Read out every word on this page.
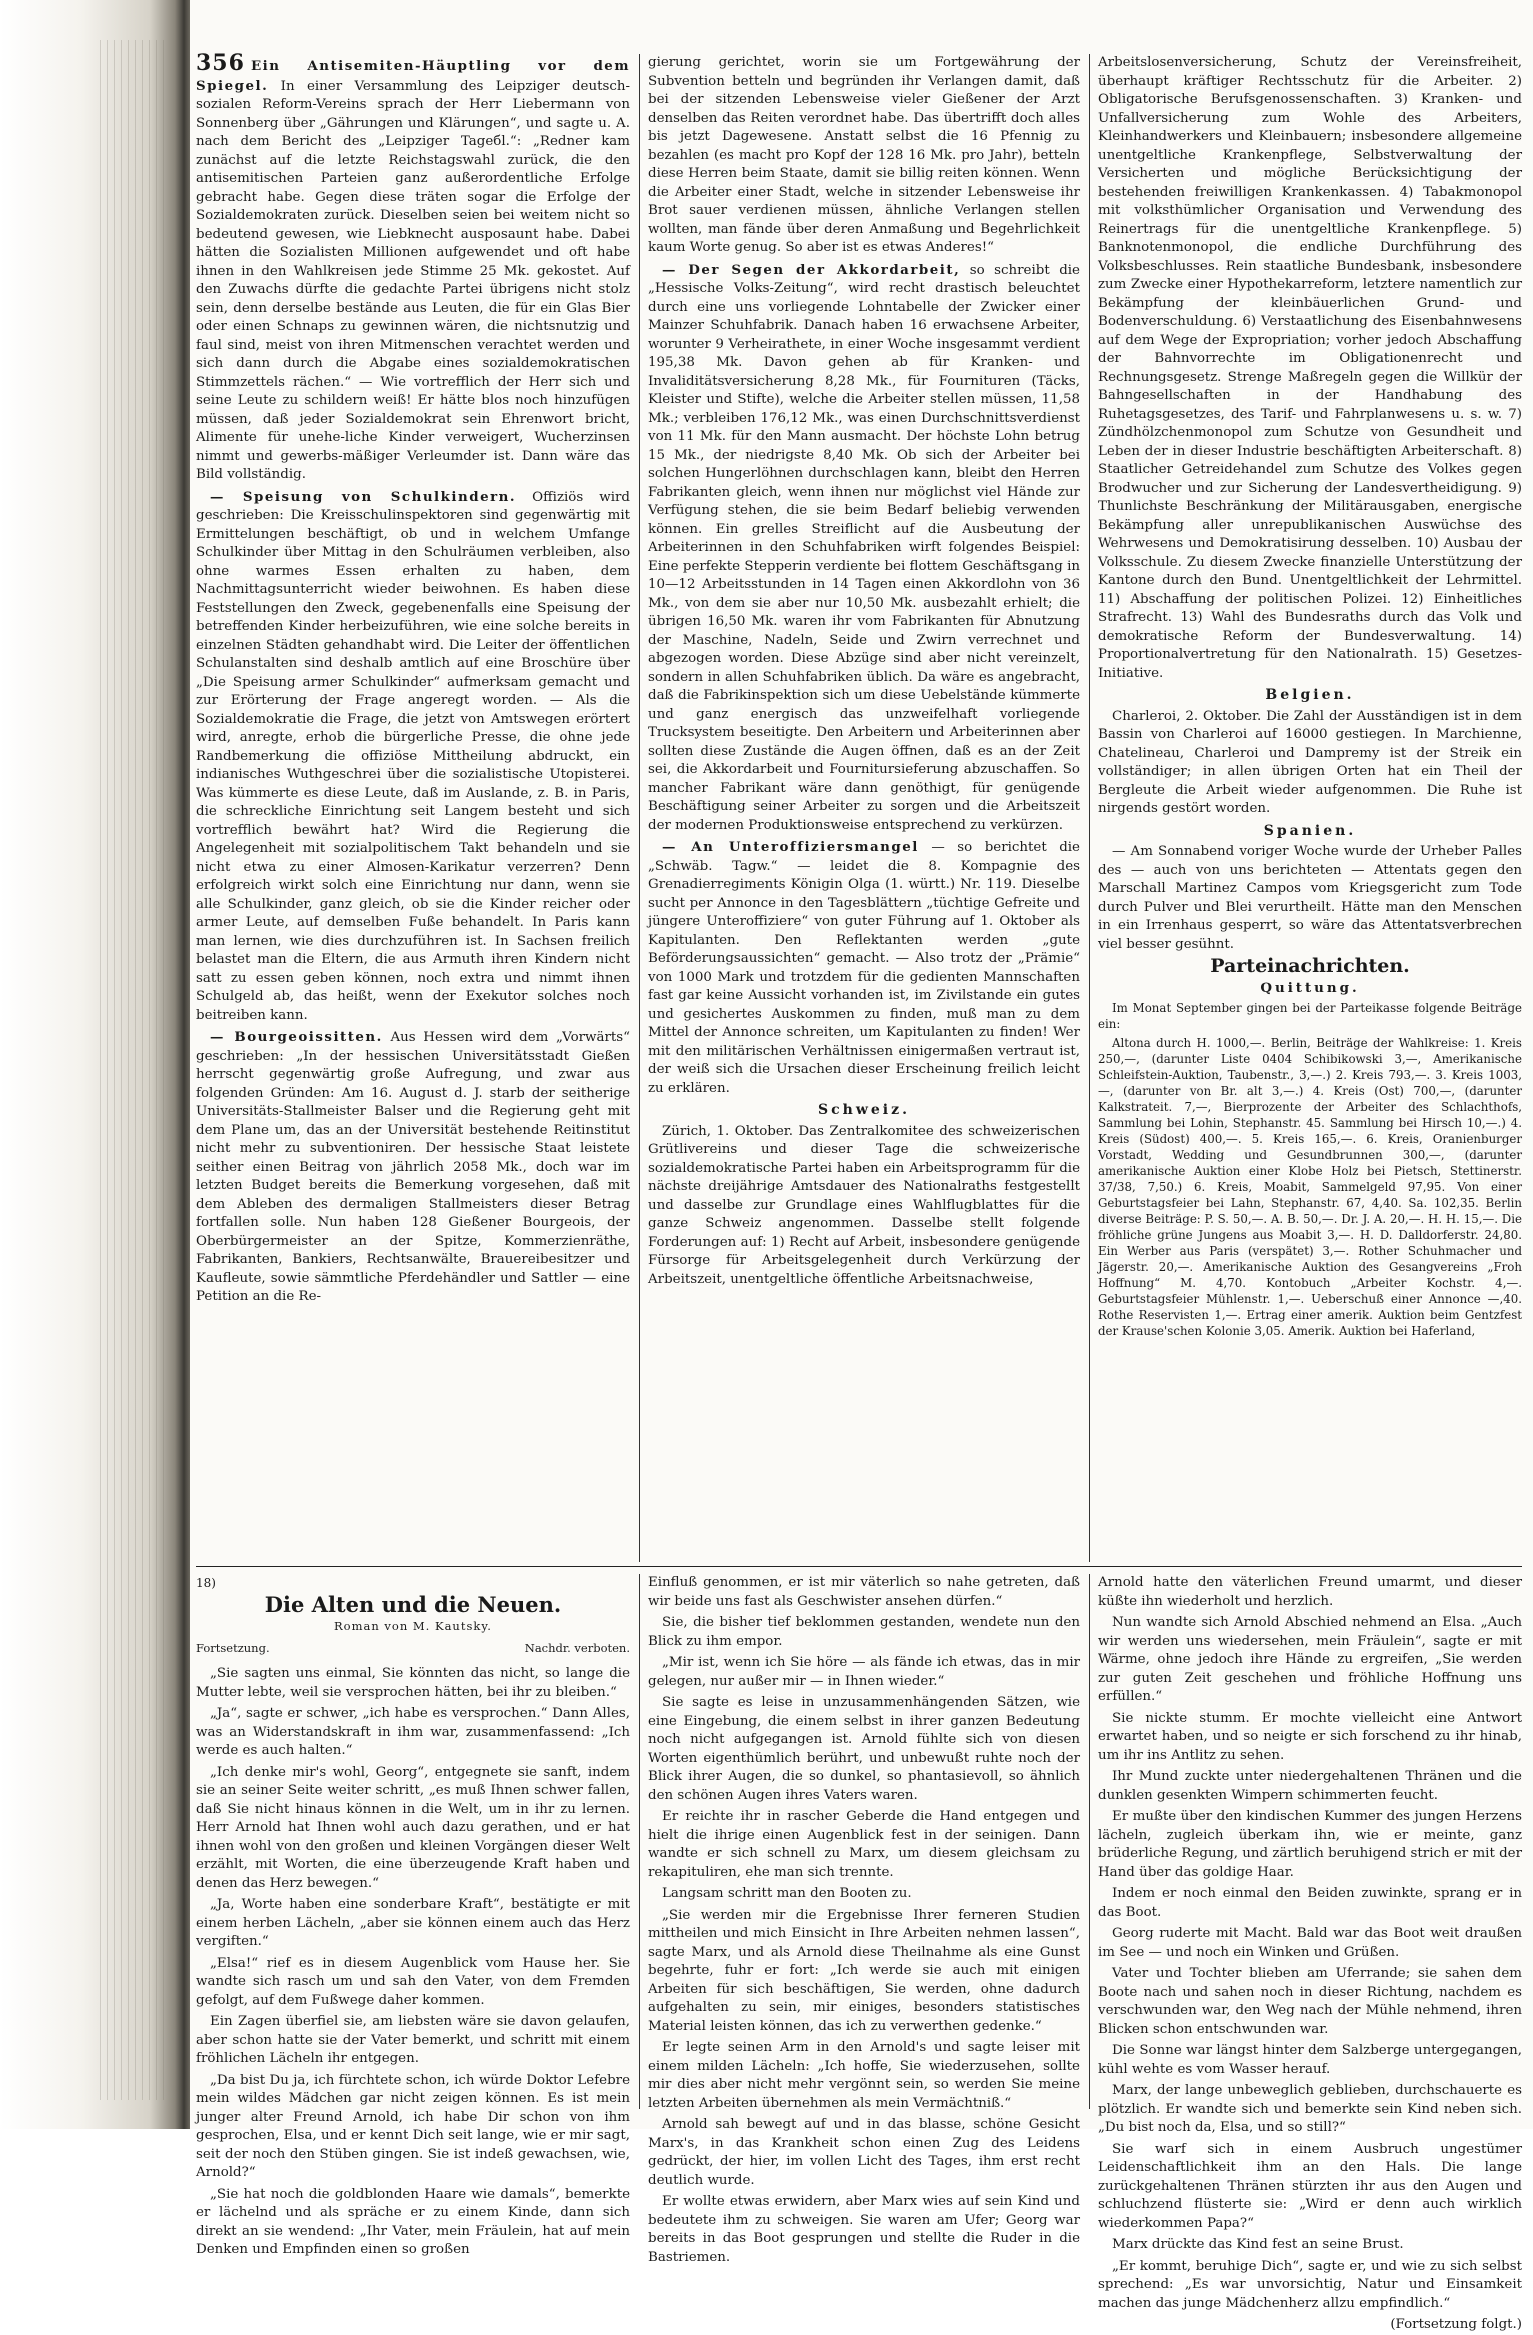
356 Ein Antisemiten-Häuptling vor dem Spiegel. In einer Versammlung des Leipziger deutsch-sozialen Reform-Vereins sprach der Herr Liebermann von Sonnenberg über „Gährungen und Klärungen“, und sagte u. A. nach dem Bericht des „Leipziger Tageбl.“: „Redner kam zunächst auf die letzte Reichstagswahl zurück, die den antisemitischen Parteien ganz außerordentliche Erfolge gebracht habe. Gegen diese träten sogar die Erfolge der Sozialdemokraten zurück. Dieselben seien bei weitem nicht so bedeutend gewesen, wie Liebknecht ausposaunt habe. Dabei hätten die Sozialisten Millionen aufgewendet und oft habe ihnen in den Wahlkreisen jede Stimme 25 Mk. gekostet. Auf den Zuwachs dürfte die gedachte Partei übrigens nicht stolz sein, denn derselbe bestände aus Leuten, die für ein Glas Bier oder einen Schnaps zu gewinnen wären, die nichtsnutzig und faul sind, meist von ihren Mitmenschen verachtet werden und sich dann durch die Abgabe eines sozialdemokratischen Stimmzettels rächen.“ — Wie vortrefflich der Herr sich und seine Leute zu schildern weiß! Er hätte blos noch hinzufügen müssen, daß jeder Sozialdemokrat sein Ehrenwort bricht, Alimente für unehe-liche Kinder verweigert, Wucherzinsen nimmt und gewerbs-mäßiger Verleumder ist. Dann wäre das Bild vollständig.

— Speisung von Schulkindern. Offiziös wird geschrieben: Die Kreisschulinspektoren sind gegenwärtig mit Ermittelungen beschäftigt, ob und in welchem Umfange Schulkinder über Mittag in den Schulräumen verbleiben, also ohne warmes Essen erhalten zu haben, dem Nachmittagsunterricht wieder beiwohnen. Es haben diese Feststellungen den Zweck, gegebenenfalls eine Speisung der betreffenden Kinder herbeizuführen, wie eine solche bereits in einzelnen Städten gehandhabt wird. Die Leiter der öffentlichen Schulanstalten sind deshalb amtlich auf eine Broschüre über „Die Speisung armer Schulkinder“ aufmerksam gemacht und zur Erörterung der Frage angeregt worden. — Als die Sozialdemokratie die Frage, die jetzt von Amtswegen erörtert wird, anregte, erhob die bürgerliche Presse, die ohne jede Randbemerkung die offiziöse Mittheilung abdruckt, ein indianisches Wuthgeschrei über die sozialistische Utopisterei. Was kümmerte es diese Leute, daß im Auslande, z. B. in Paris, die schreckliche Einrichtung seit Langem besteht und sich vortrefflich bewährt hat? Wird die Regierung die Angelegenheit mit sozialpolitischem Takt behandeln und sie nicht etwa zu einer Almosen-Karikatur verzerren? Denn erfolgreich wirkt solch eine Einrichtung nur dann, wenn sie alle Schulkinder, ganz gleich, ob sie die Kinder reicher oder armer Leute, auf demselben Fuße behandelt. In Paris kann man lernen, wie dies durchzuführen ist. In Sachsen freilich belastet man die Eltern, die aus Armuth ihren Kindern nicht satt zu essen geben können, noch extra und nimmt ihnen Schulgeld ab, das heißt, wenn der Exekutor solches noch beitreiben kann.

— Bourgeoissitten. Aus Hessen wird dem „Vorwärts“ geschrieben: „In der hessischen Universitätsstadt Gießen herrscht gegenwärtig große Aufregung, und zwar aus folgenden Gründen: Am 16. August d. J. starb der seitherige Universitäts-Stallmeister Balser und die Regierung geht mit dem Plane um, das an der Universität bestehende Reitinstitut nicht mehr zu subventioniren. Der hessische Staat leistete seither einen Beitrag von jährlich 2058 Mk., doch war im letzten Budget bereits die Bemerkung vorgesehen, daß mit dem Ableben des dermaligen Stallmeisters dieser Betrag fortfallen solle. Nun haben 128 Gießener Bourgeois, der Oberbürgermeister an der Spitze, Kommerzienräthe, Fabrikanten, Bankiers, Rechtsanwälte, Brauereibesitzer und Kaufleute, sowie sämmtliche Pferdehändler und Sattler — eine Petition an die Re-

gierung gerichtet, worin sie um Fortgewährung der Subvention betteln und begründen ihr Verlangen damit, daß bei der sitzenden Lebensweise vieler Gießener der Arzt denselben das Reiten verordnet habe. Das übertrifft doch alles bis jetzt Dagewesene. Anstatt selbst die 16 Pfennig zu bezahlen (es macht pro Kopf der 128 16 Mk. pro Jahr), betteln diese Herren beim Staate, damit sie billig reiten können. Wenn die Arbeiter einer Stadt, welche in sitzender Lebensweise ihr Brot sauer verdienen müssen, ähnliche Verlangen stellen wollten, man fände über deren Anmaßung und Begehrlichkeit kaum Worte genug. So aber ist es etwas Anderes!“

— Der Segen der Akkordarbeit, so schreibt die „Hessische Volks-Zeitung“, wird recht drastisch beleuchtet durch eine uns vorliegende Lohntabelle der Zwicker einer Mainzer Schuhfabrik. Danach haben 16 erwachsene Arbeiter, worunter 9 Verheirathete, in einer Woche insgesammt verdient 195,38 Mk. Davon gehen ab für Kranken- und Invaliditätsversicherung 8,28 Mk., für Fournituren (Täcks, Kleister und Stifte), welche die Arbeiter stellen müssen, 11,58 Mk.; verbleiben 176,12 Mk., was einen Durchschnittsverdienst von 11 Mk. für den Mann ausmacht. Der höchste Lohn betrug 15 Mk., der niedrigste 8,40 Mk. Ob sich der Arbeiter bei solchen Hungerlöhnen durchschlagen kann, bleibt den Herren Fabrikanten gleich, wenn ihnen nur möglichst viel Hände zur Verfügung stehen, die sie beim Bedarf beliebig verwenden können. Ein grelles Streiflicht auf die Ausbeutung der Arbeiterinnen in den Schuhfabriken wirft folgendes Beispiel: Eine perfekte Stepperin verdiente bei flottem Geschäftsgang in 10—12 Arbeitsstunden in 14 Tagen einen Akkordlohn von 36 Mk., von dem sie aber nur 10,50 Mk. ausbezahlt erhielt; die übrigen 16,50 Mk. waren ihr vom Fabrikanten für Abnutzung der Maschine, Nadeln, Seide und Zwirn verrechnet und abgezogen worden. Diese Abzüge sind aber nicht vereinzelt, sondern in allen Schuhfabriken üblich. Da wäre es angebracht, daß die Fabrikinspektion sich um diese Uebelstände kümmerte und ganz energisch das unzweifelhaft vorliegende Trucksystem beseitigte. Den Arbeitern und Arbeiterinnen aber sollten diese Zustände die Augen öffnen, daß es an der Zeit sei, die Akkordarbeit und Fournitursieferung abzuschaffen. So mancher Fabrikant wäre dann genöthigt, für genügende Beschäftigung seiner Arbeiter zu sorgen und die Arbeitszeit der modernen Produktionsweise entsprechend zu verkürzen.

— An Unteroffiziersmangel — so berichtet die „Schwäb. Tagw.“ — leidet die 8. Kompagnie des Grenadierregiments Königin Olga (1. württ.) Nr. 119. Dieselbe sucht per Annonce in den Tagesblättern „tüchtige Gefreite und jüngere Unteroffiziere“ von guter Führung auf 1. Oktober als Kapitulanten. Den Reflektanten werden „gute Beförderungsaussichten“ gemacht. — Also trotz der „Prämie“ von 1000 Mark und trotzdem für die gedienten Mannschaften fast gar keine Aussicht vorhanden ist, im Zivilstande ein gutes und gesichertes Auskommen zu finden, muß man zu dem Mittel der Annonce schreiten, um Kapitulanten zu finden! Wer mit den militärischen Verhältnissen einigermaßen vertraut ist, der weiß sich die Ursachen dieser Erscheinung freilich leicht zu erklären.

Schweiz.

Zürich, 1. Oktober. Das Zentralkomitee des schweizerischen Grütlivereins und dieser Tage die schweizerische sozialdemokratische Partei haben ein Arbeitsprogramm für die nächste dreijährige Amtsdauer des Nationalraths festgestellt und dasselbe zur Grundlage eines Wahlflugblattes für die ganze Schweiz angenommen. Dasselbe stellt folgende Forderungen auf: 1) Recht auf Arbeit, insbesondere genügende Fürsorge für Arbeitsgelegenheit durch Verkürzung der Arbeitszeit, unentgeltliche öffentliche Arbeitsnachweise,

Arbeitslosenversicherung, Schutz der Vereinsfreiheit, überhaupt kräftiger Rechtsschutz für die Arbeiter. 2) Obligatorische Berufsgenossenschaften. 3) Kranken- und Unfallversicherung zum Wohle des Arbeiters, Kleinhandwerkers und Kleinbauern; insbesondere allgemeine unentgeltliche Krankenpflege, Selbstverwaltung der Versicherten und mögliche Berücksichtigung der bestehenden freiwilligen Krankenkassen. 4) Tabakmonopol mit volksthümlicher Organisation und Verwendung des Reinertrags für die unentgeltliche Krankenpflege. 5) Banknotenmonopol, die endliche Durchführung des Volksbeschlusses. Rein staatliche Bundesbank, insbesondere zum Zwecke einer Hypothekarreform, letztere namentlich zur Bekämpfung der kleinbäuerlichen Grund- und Bodenverschuldung. 6) Verstaatlichung des Eisenbahnwesens auf dem Wege der Expropriation; vorher jedoch Abschaffung der Bahnvorrechte im Obligationenrecht und Rechnungsgesetz. Strenge Maßregeln gegen die Willkür der Bahngesellschaften in der Handhabung des Ruhetagsgesetzes, des Tarif- und Fahrplanwesens u. s. w. 7) Zündhölzchenmonopol zum Schutze von Gesundheit und Leben der in dieser Industrie beschäftigten Arbeiterschaft. 8) Staatlicher Getreidehandel zum Schutze des Volkes gegen Brodwucher und zur Sicherung der Landesvertheidigung. 9) Thunlichste Beschränkung der Militärausgaben, energische Bekämpfung aller unrepublikanischen Auswüchse des Wehrwesens und Demokratisirung desselben. 10) Ausbau der Volksschule. Zu diesem Zwecke finanzielle Unterstützung der Kantone durch den Bund. Unentgeltlichkeit der Lehrmittel. 11) Abschaffung der politischen Polizei. 12) Einheitliches Strafrecht. 13) Wahl des Bundesraths durch das Volk und demokratische Reform der Bundesverwaltung. 14) Proportionalvertretung für den Nationalrath. 15) Gesetzes-Initiative.

Belgien.

Charleroi, 2. Oktober. Die Zahl der Ausständigen ist in dem Bassin von Charleroi auf 16000 gestiegen. In Marchienne, Chatelineau, Charleroi und Dampremy ist der Streik ein vollständiger; in allen übrigen Orten hat ein Theil der Bergleute die Arbeit wieder aufgenommen. Die Ruhe ist nirgends gestört worden.

Spanien.

— Am Sonnabend voriger Woche wurde der Urheber Palles des — auch von uns berichteten — Attentats gegen den Marschall Martinez Campos vom Kriegsgericht zum Tode durch Pulver und Blei verurtheilt. Hätte man den Menschen in ein Irrenhaus gesperrt, so wäre das Attentatsverbrechen viel besser gesühnt.

Parteinachrichten.

Quittung.

Im Monat September gingen bei der Parteikasse folgende Beiträge ein:

Altona durch H. 1000,—. Berlin, Beiträge der Wahlkreise: 1. Kreis 250,—, (darunter Liste 0404 Schibikowski 3,—, Amerikanische Schleifstein-Auktion, Taubenstr., 3,—.) 2. Kreis 793,—. 3. Kreis 1003,—, (darunter von Br. alt 3,—.) 4. Kreis (Ost) 700,—, (darunter Kalkstrateit. 7,—, Bierprozente der Arbeiter des Schlachthofs, Sammlung bei Lohin, Stephanstr. 45. Sammlung bei Hirsch 10,—.) 4. Kreis (Südost) 400,—. 5. Kreis 165,—. 6. Kreis, Oranienburger Vorstadt, Wedding und Gesundbrunnen 300,—, (darunter amerikanische Auktion einer Klobe Holz bei Pietsch, Stettinerstr. 37/38, 7,50.) 6. Kreis, Moabit, Sammelgeld 97,95. Von einer Geburtstagsfeier bei Lahn, Stephanstr. 67, 4,40. Sa. 102,35. Berlin diverse Beiträge: P. S. 50,—. A. B. 50,—. Dr. J. A. 20,—. H. H. 15,—. Die fröhliche grüne Jungens aus Moabit 3,—. H. D. Dalldorferstr. 24,80. Ein Werber aus Paris (verspätet) 3,—. Rother Schuhmacher und Jägerstr. 20,—. Amerikanische Auktion des Gesangvereins „Froh Hoffnung“ M. 4,70. Kontobuch „Arbeiter Kochstr. 4,—. Geburtstagsfeier Mühlenstr. 1,—. Ueberschuß einer Annonce —,40. Rothe Reservisten 1,—. Ertrag einer amerik. Auktion beim Gentzfest der Krause'schen Kolonie 3,05. Amerik. Auktion bei Haferland,

18)

Die Alten und die Neuen.

Roman von M. Kautsky.

Fortsetzung.	Nachdr. verboten.

„Sie sagten uns einmal, Sie könnten das nicht, so lange die Mutter lebte, weil sie versprochen hätten, bei ihr zu bleiben.“

„Ja“, sagte er schwer, „ich habe es versprochen.“ Dann Alles, was an Widerstandskraft in ihm war, zusammenfassend: „Ich werde es auch halten.“

„Ich denke mir's wohl, Georg“, entgegnete sie sanft, indem sie an seiner Seite weiter schritt, „es muß Ihnen schwer fallen, daß Sie nicht hinaus können in die Welt, um in ihr zu lernen. Herr Arnold hat Ihnen wohl auch dazu gerathen, und er hat ihnen wohl von den großen und kleinen Vorgängen dieser Welt erzählt, mit Worten, die eine überzeugende Kraft haben und denen das Herz bewegen.“

„Ja, Worte haben eine sonderbare Kraft“, bestätigte er mit einem herben Lächeln, „aber sie können einem auch das Herz vergiften.“

„Elsa!“ rief es in diesem Augenblick vom Hause her. Sie wandte sich rasch um und sah den Vater, von dem Fremden gefolgt, auf dem Fußwege daher kommen.

Ein Zagen überfiel sie, am liebsten wäre sie davon gelaufen, aber schon hatte sie der Vater bemerkt, und schritt mit einem fröhlichen Lächeln ihr entgegen.

„Da bist Du ja, ich fürchtete schon, ich würde Doktor Lefebre mein wildes Mädchen gar nicht zeigen können. Es ist mein junger alter Freund Arnold, ich habe Dir schon von ihm gesprochen, Elsa, und er kennt Dich seit lange, wie er mir sagt, seit der noch den Stüben gingen. Sie ist indeß gewachsen, wie, Arnold?“

„Sie hat noch die goldblonden Haare wie damals“, bemerkte er lächelnd und als spräche er zu einem Kinde, dann sich direkt an sie wendend: „Ihr Vater, mein Fräulein, hat auf mein Denken und Empfinden einen so großen

Einfluß genommen, er ist mir väterlich so nahe getreten, daß wir beide uns fast als Geschwister ansehen dürfen.“

Sie, die bisher tief beklommen gestanden, wendete nun den Blick zu ihm empor.

„Mir ist, wenn ich Sie höre — als fände ich etwas, das in mir gelegen, nur außer mir — in Ihnen wieder.“

Sie sagte es leise in unzusammenhängenden Sätzen, wie eine Eingebung, die einem selbst in ihrer ganzen Bedeutung noch nicht aufgegangen ist. Arnold fühlte sich von diesen Worten eigenthümlich berührt, und unbewußt ruhte noch der Blick ihrer Augen, die so dunkel, so phantasievoll, so ähnlich den schönen Augen ihres Vaters waren.

Er reichte ihr in rascher Geberde die Hand entgegen und hielt die ihrige einen Augenblick fest in der seinigen. Dann wandte er sich schnell zu Marx, um diesem gleichsam zu rekapituliren, ehe man sich trennte.

Langsam schritt man den Booten zu.

„Sie werden mir die Ergebnisse Ihrer ferneren Studien mittheilen und mich Einsicht in Ihre Arbeiten nehmen lassen“, sagte Marx, und als Arnold diese Theilnahme als eine Gunst begehrte, fuhr er fort: „Ich werde sie auch mit einigen Arbeiten für sich beschäftigen, Sie werden, ohne dadurch aufgehalten zu sein, mir einiges, besonders statistisches Material leisten können, das ich zu verwerthen gedenke.“

Er legte seinen Arm in den Arnold's und sagte leiser mit einem milden Lächeln: „Ich hoffe, Sie wiederzusehen, sollte mir dies aber nicht mehr vergönnt sein, so werden Sie meine letzten Arbeiten übernehmen als mein Vermächtniß.“

Arnold sah bewegt auf und in das blasse, schöne Gesicht Marx's, in das Krankheit schon einen Zug des Leidens gedrückt, der hier, im vollen Licht des Tages, ihm erst recht deutlich wurde.

Er wollte etwas erwidern, aber Marx wies auf sein Kind und bedeutete ihm zu schweigen. Sie waren am Ufer; Georg war bereits in das Boot gesprungen und stellte die Ruder in die Bastriemen.

Arnold hatte den väterlichen Freund umarmt, und dieser küßte ihn wiederholt und herzlich.

Nun wandte sich Arnold Abschied nehmend an Elsa. „Auch wir werden uns wiedersehen, mein Fräulein“, sagte er mit Wärme, ohne jedoch ihre Hände zu ergreifen, „Sie werden zur guten Zeit geschehen und fröhliche Hoffnung uns erfüllen.“

Sie nickte stumm. Er mochte vielleicht eine Antwort erwartet haben, und so neigte er sich forschend zu ihr hinab, um ihr ins Antlitz zu sehen.

Ihr Mund zuckte unter niedergehaltenen Thränen und die dunklen gesenkten Wimpern schimmerten feucht.

Er mußte über den kindischen Kummer des jungen Herzens lächeln, zugleich überkam ihn, wie er meinte, ganz brüderliche Regung, und zärtlich beruhigend strich er mit der Hand über das goldige Haar.

Indem er noch einmal den Beiden zuwinkte, sprang er in das Boot.

Georg ruderte mit Macht. Bald war das Boot weit draußen im See — und noch ein Winken und Grüßen.

Vater und Tochter blieben am Uferrande; sie sahen dem Boote nach und sahen noch in dieser Richtung, nachdem es verschwunden war, den Weg nach der Mühle nehmend, ihren Blicken schon entschwunden war.

Die Sonne war längst hinter dem Salzberge untergegangen, kühl wehte es vom Wasser herauf.

Marx, der lange unbeweglich geblieben, durchschauerte es plötzlich. Er wandte sich und bemerkte sein Kind neben sich. „Du bist noch da, Elsa, und so still?“

Sie warf sich in einem Ausbruch ungestümer Leidenschaftlichkeit ihm an den Hals. Die lange zurückgehaltenen Thränen stürzten ihr aus den Augen und schluchzend flüsterte sie: „Wird er denn auch wirklich wiederkommen Papa?“

Marx drückte das Kind fest an seine Brust.

„Er kommt, beruhige Dich“, sagte er, und wie zu sich selbst sprechend: „Es war unvorsichtig, Natur und Einsamkeit machen das junge Mädchenherz allzu empfindlich.“

(Fortsetzung folgt.)
